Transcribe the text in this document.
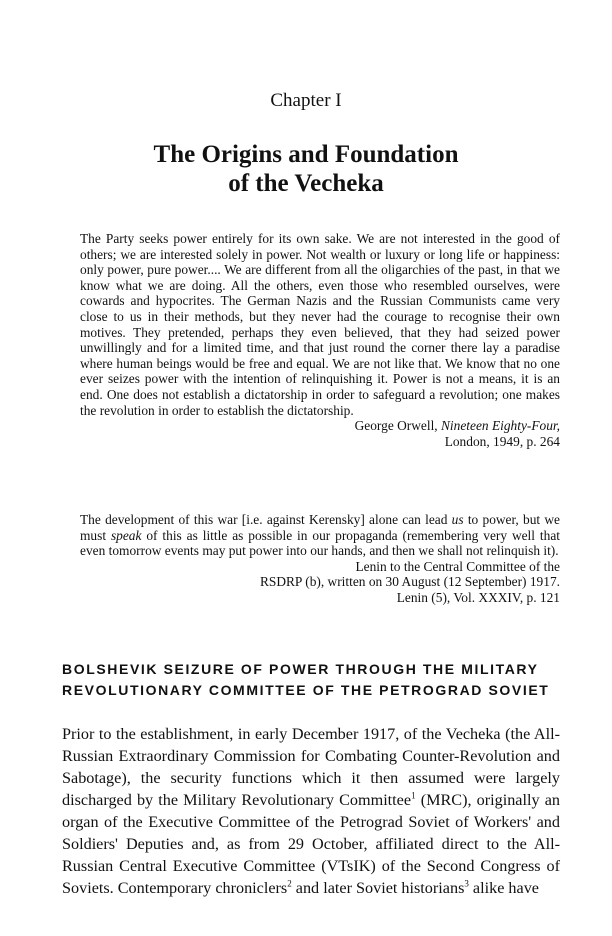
Chapter I
The Origins and Foundation
of the Vecheka
The Party seeks power entirely for its own sake. We are not interested in the good of others; we are interested solely in power. Not wealth or luxury or long life or happiness: only power, pure power.... We are different from all the oligarchies of the past, in that we know what we are doing. All the others, even those who resembled ourselves, were cowards and hypocrites. The German Nazis and the Russian Communists came very close to us in their methods, but they never had the courage to recognise their own motives. They pretended, perhaps they even believed, that they had seized power unwillingly and for a limited time, and that just round the corner there lay a paradise where human beings would be free and equal. We are not like that. We know that no one ever seizes power with the intention of relinquishing it. Power is not a means, it is an end. One does not establish a dictatorship in order to safeguard a revolution; one makes the revolution in order to establish the dictatorship.
George Orwell, Nineteen Eighty-Four,
London, 1949, p. 264
The development of this war [i.e. against Kerensky] alone can lead us to power, but we must speak of this as little as possible in our propaganda (remembering very well that even tomorrow events may put power into our hands, and then we shall not relinquish it).
Lenin to the Central Committee of the
RSDRP (b), written on 30 August (12 September) 1917.
Lenin (5), Vol. XXXIV, p. 121
BOLSHEVIK SEIZURE OF POWER THROUGH THE MILITARY REVOLUTIONARY COMMITTEE OF THE PETROGRAD SOVIET
Prior to the establishment, in early December 1917, of the Vecheka (the All-Russian Extraordinary Commission for Combating Counter-Revolution and Sabotage), the security functions which it then assumed were largely discharged by the Military Revolutionary Committee$^1$ (MRC), originally an organ of the Executive Committee of the Petrograd Soviet of Workers' and Soldiers' Deputies and, as from 29 October, affiliated direct to the All-Russian Central Executive Committee (VTsIK) of the Second Congress of Soviets. Contemporary chroniclers$^2$ and later Soviet historians$^3$ alike have
